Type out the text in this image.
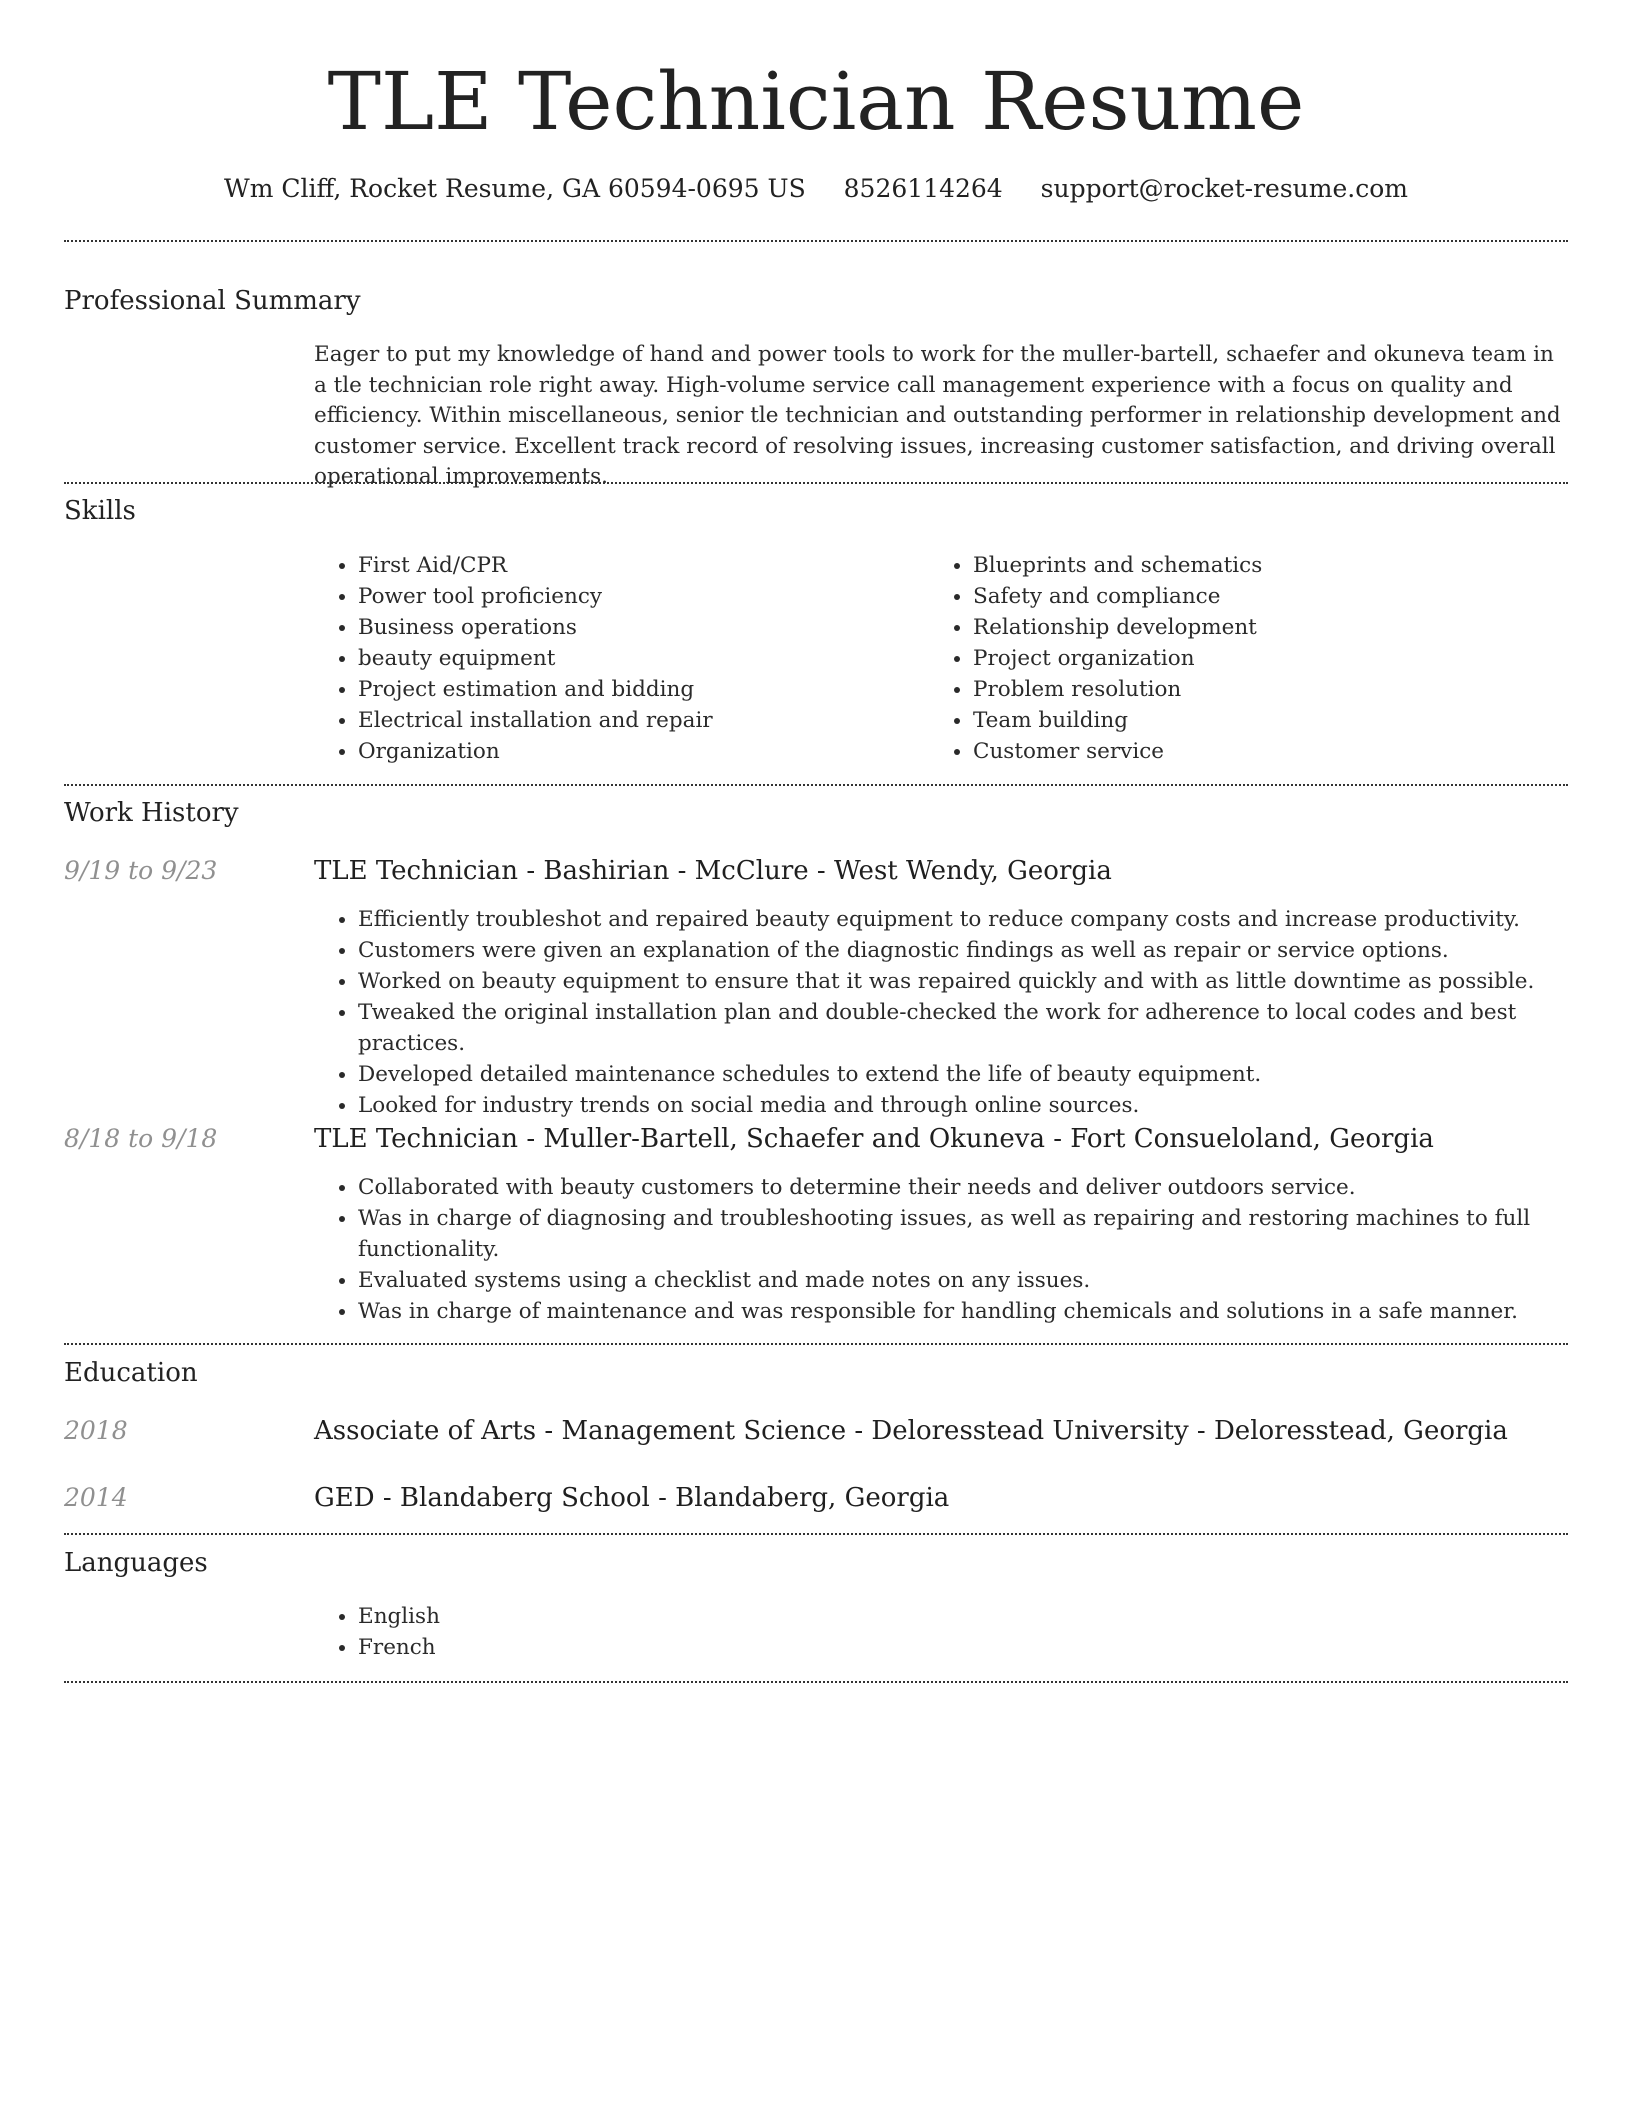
TLE Technician Resume
Wm Cliff, Rocket Resume, GA 60594-0695 US 8526114264 support@rocket-resume.com
Professional Summary
Eager to put my knowledge of hand and power tools to work for the muller-bartell, schaefer and okuneva team in a tle technician role right away. High-volume service call management experience with a focus on quality and efficiency. Within miscellaneous, senior tle technician and outstanding performer in relationship development and customer service. Excellent track record of resolving issues, increasing customer satisfaction, and driving overall operational improvements.
Skills
• First Aid/CPR
• Power tool proficiency
• Business operations
• beauty equipment
• Project estimation and bidding
• Electrical installation and repair
• Organization
• Blueprints and schematics
• Safety and compliance
• Relationship development
• Project organization
• Problem resolution
• Team building
• Customer service
Work History
9/19 to 9/23	TLE Technician - Bashirian - McClure - West Wendy, Georgia
• Efficiently troubleshot and repaired beauty equipment to reduce company costs and increase productivity.
• Customers were given an explanation of the diagnostic findings as well as repair or service options.
• Worked on beauty equipment to ensure that it was repaired quickly and with as little downtime as possible.
• Tweaked the original installation plan and double-checked the work for adherence to local codes and best practices.
• Developed detailed maintenance schedules to extend the life of beauty equipment.
• Looked for industry trends on social media and through online sources.
8/18 to 9/18	TLE Technician - Muller-Bartell, Schaefer and Okuneva - Fort Consueloland, Georgia
• Collaborated with beauty customers to determine their needs and deliver outdoors service.
• Was in charge of diagnosing and troubleshooting issues, as well as repairing and restoring machines to full functionality.
• Evaluated systems using a checklist and made notes on any issues.
• Was in charge of maintenance and was responsible for handling chemicals and solutions in a safe manner.
Education
2018	Associate of Arts - Management Science - Deloresstead University - Deloresstead, Georgia
2014	GED - Blandaberg School - Blandaberg, Georgia
Languages
• English
• French
